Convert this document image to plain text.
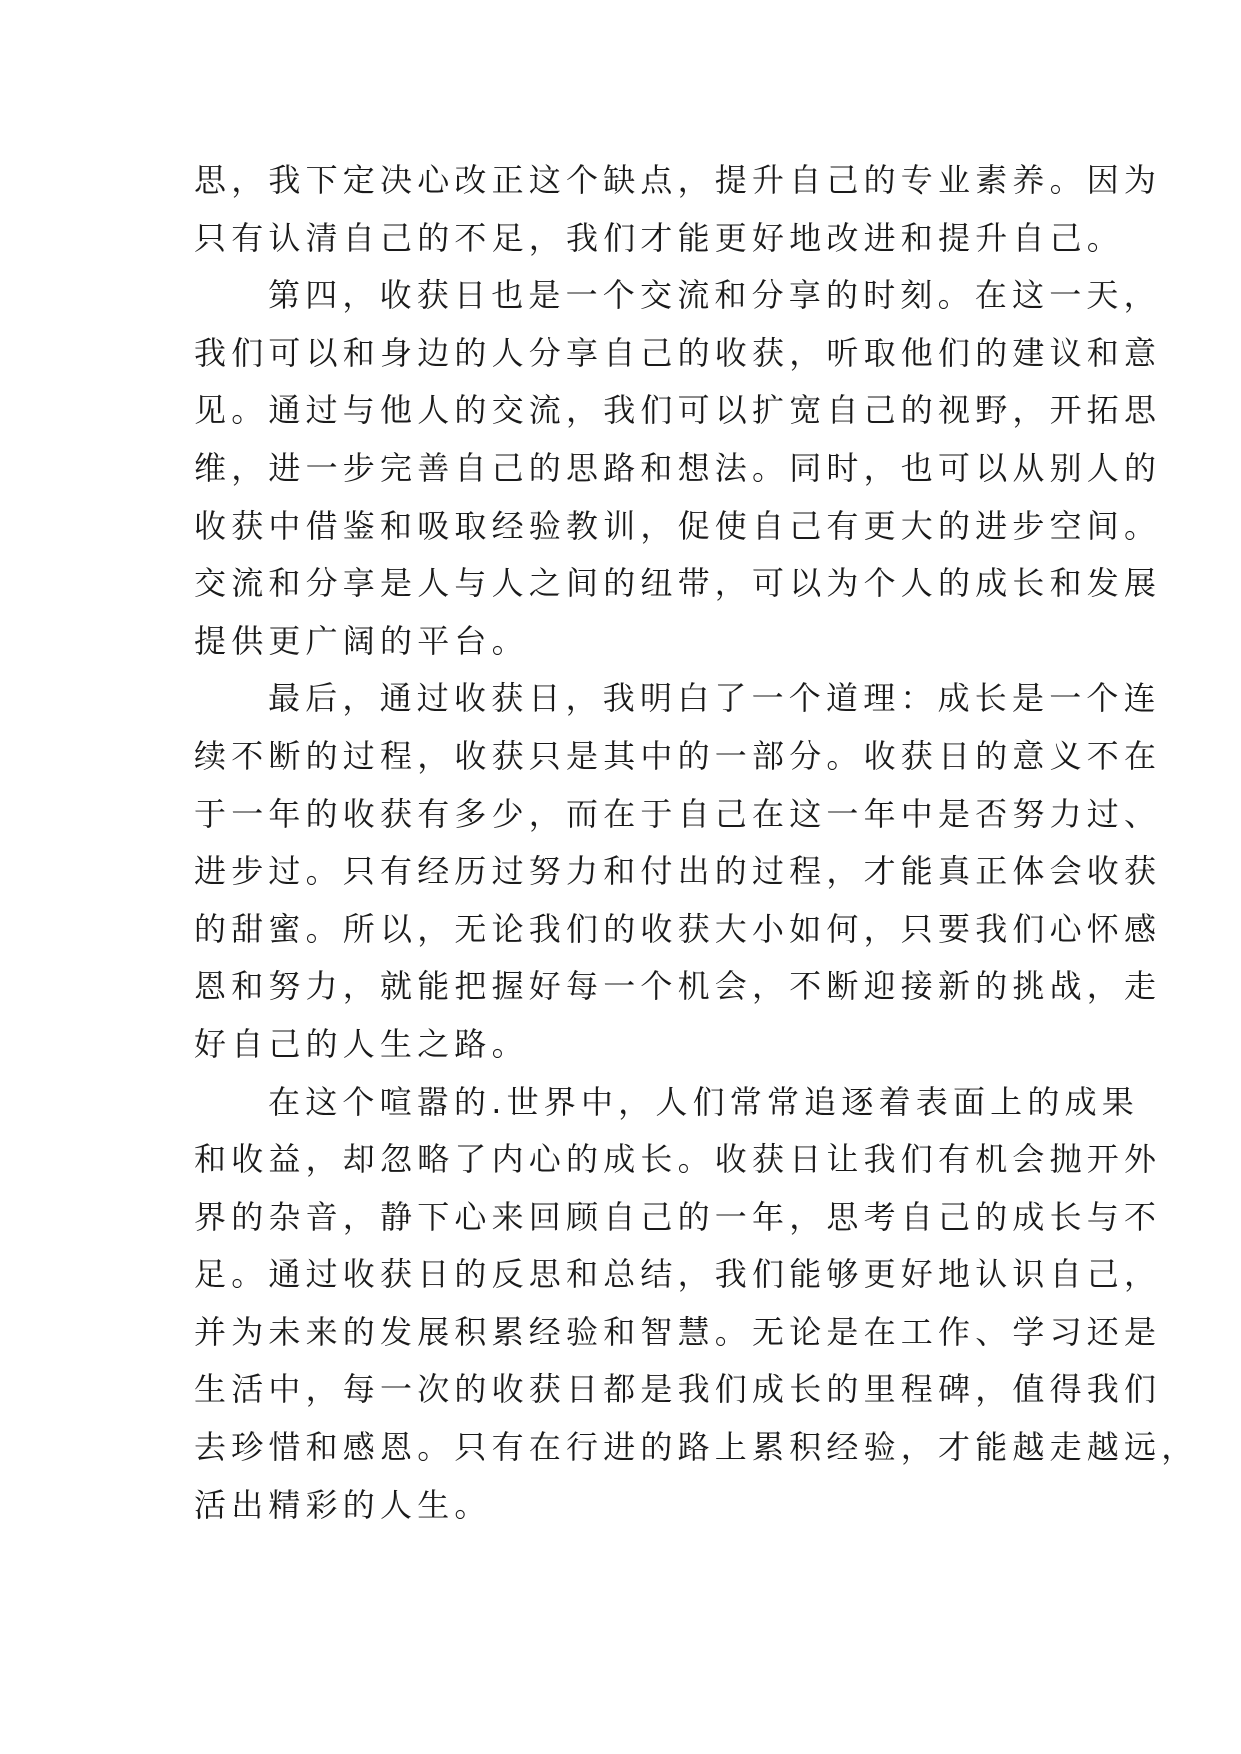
思，我下定决心改正这个缺点，提升自己的专业素养。因为
只有认清自己的不足，我们才能更好地改进和提升自己。
第四，收获日也是一个交流和分享的时刻。在这一天，
我们可以和身边的人分享自己的收获，听取他们的建议和意
见。通过与他人的交流，我们可以扩宽自己的视野，开拓思
维，进一步完善自己的思路和想法。同时，也可以从别人的
收获中借鉴和吸取经验教训，促使自己有更大的进步空间。
交流和分享是人与人之间的纽带，可以为个人的成长和发展
提供更广阔的平台。
最后，通过收获日，我明白了一个道理：成长是一个连
续不断的过程，收获只是其中的一部分。收获日的意义不在
于一年的收获有多少，而在于自己在这一年中是否努力过、
进步过。只有经历过努力和付出的过程，才能真正体会收获
的甜蜜。所以，无论我们的收获大小如何，只要我们心怀感
恩和努力，就能把握好每一个机会，不断迎接新的挑战，走
好自己的人生之路。
在这个喧嚣的.世界中，人们常常追逐着表面上的成果
和收益，却忽略了内心的成长。收获日让我们有机会抛开外
界的杂音，静下心来回顾自己的一年，思考自己的成长与不
足。通过收获日的反思和总结，我们能够更好地认识自己，
并为未来的发展积累经验和智慧。无论是在工作、学习还是
生活中，每一次的收获日都是我们成长的里程碑，值得我们
去珍惜和感恩。只有在行进的路上累积经验，才能越走越远，
活出精彩的人生。
